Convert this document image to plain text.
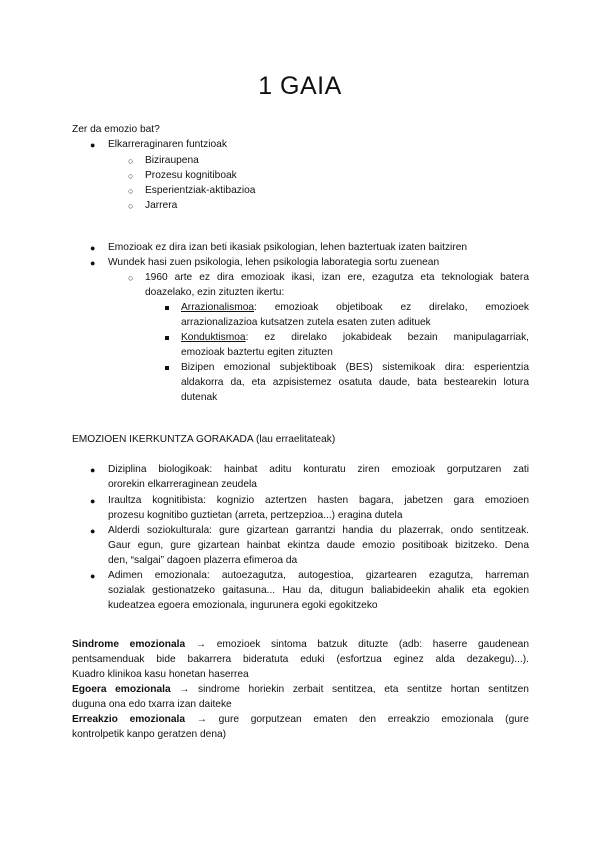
1 GAIA
Zer da emozio bat?
● Elkarreraginaren funtzioak
○ Biziraupena
○ Prozesu kognitiboak
○ Esperientziak-aktibazioa
○ Jarrera
● Emozioak ez dira izan beti ikasiak psikologian, lehen baztertuak izaten baitziren
● Wundek hasi zuen psikologia, lehen psikologia laborategia sortu zuenean
○ 1960 arte ez dira emozioak ikasi, izan ere, ezagutza eta teknologiak batera
doazelako, ezin zituzten ikertu:
Arrazionalismoa: emozioak objetiboak ez direlako, emozioek
arrazionalizazioa kutsatzen zutela esaten zuten adituek
Konduktismoa: ez direlako jokabideak bezain manipulagarriak,
emozioak baztertu egiten zituzten
Bizipen emozional subjektiboak (BES) sistemikoak dira: esperientzia
aldakorra da, eta azpisistemez osatuta daude, bata bestearekin lotura
dutenak
EMOZIOEN IKERKUNTZA GORAKADA (lau erraelitateak)
● Diziplina biologikoak: hainbat aditu konturatu ziren emozioak gorputzaren zati
ororekin elkarreraginean zeudela
● Iraultza kognitibista: kognizio aztertzen hasten bagara, jabetzen gara emozioen
prozesu kognitibo guztietan (arreta, pertzepzioa...) eragina dutela
● Alderdi soziokulturala: gure gizartean garrantzi handia du plazerrak, ondo sentitzeak.
Gaur egun, gure gizartean hainbat ekintza daude emozio positiboak bizitzeko. Dena
den, “salgai” dagoen plazerra efimeroa da
● Adimen emozionala: autoezagutza, autogestioa, gizartearen ezagutza, harreman
sozialak gestionatzeko gaitasuna... Hau da, ditugun baliabideekin ahalik eta egokien
kudeatzea egoera emozionala, ingurunera egoki egokitzeko
Sindrome emozionala → emozioek sintoma batzuk dituzte (adb: haserre gaudenean
pentsamenduak bide bakarrera bideratuta eduki (esfortzua eginez alda dezakegu)...).
Kuadro klinikoa kasu honetan haserrea
Egoera emozionala → sindrome horiekin zerbait sentitzea, eta sentitze hortan sentitzen
duguna ona edo txarra izan daiteke
Erreakzio emozionala → gure gorputzean ematen den erreakzio emozionala (gure
kontrolpetik kanpo geratzen dena)
